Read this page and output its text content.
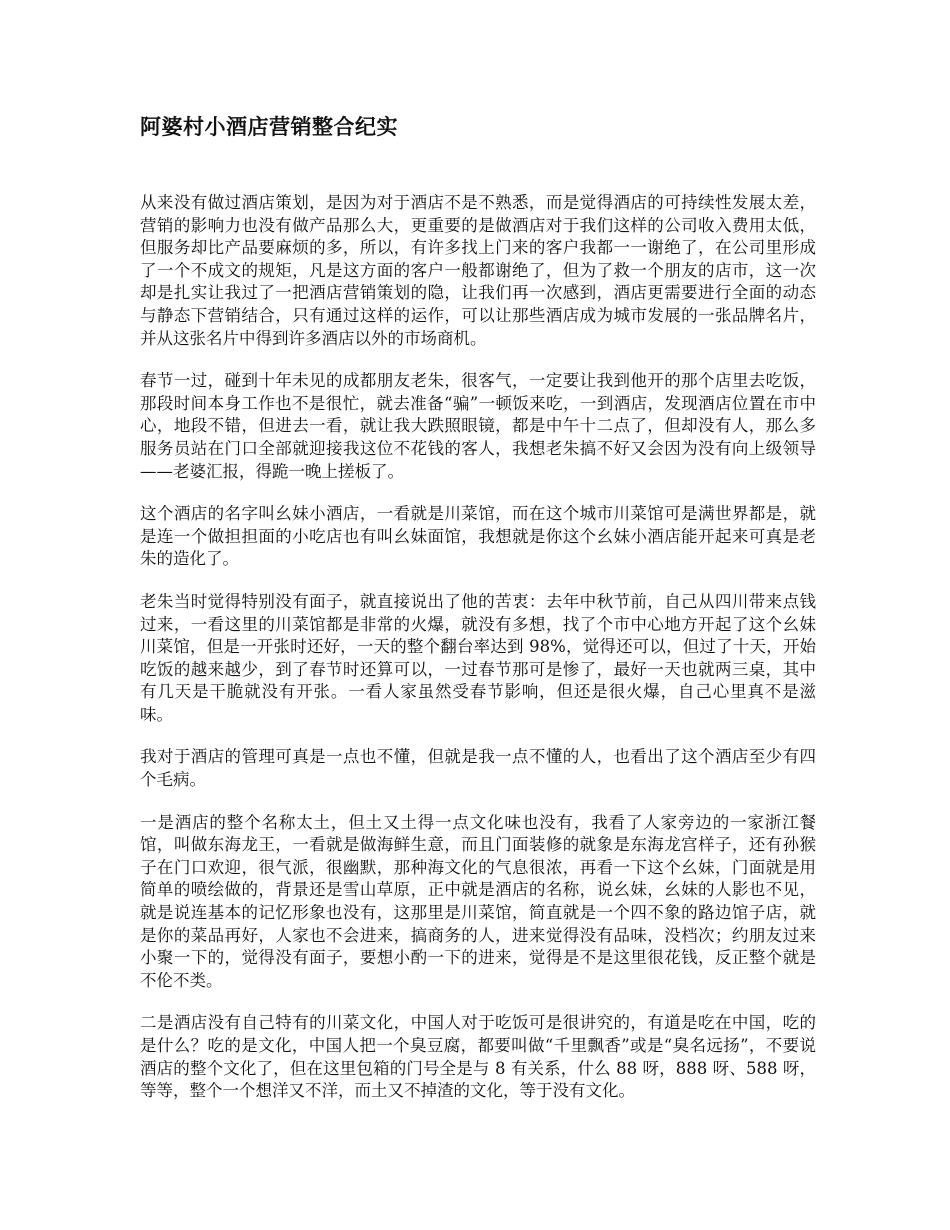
阿婆村小酒店营销整合纪实

从来没有做过酒店策划，是因为对于酒店不是不熟悉，而是觉得酒店的可持续性发展太差，营销的影响力也没有做产品那么大，更重要的是做酒店对于我们这样的公司收入费用太低，但服务却比产品要麻烦的多，所以，有许多找上门来的客户我都一一谢绝了，在公司里形成了一个不成文的规矩，凡是这方面的客户一般都谢绝了，但为了救一个朋友的店市，这一次却是扎实让我过了一把酒店营销策划的隐，让我们再一次感到，酒店更需要进行全面的动态与静态下营销结合，只有通过这样的运作，可以让那些酒店成为城市发展的一张品牌名片，并从这张名片中得到许多酒店以外的市场商机。

春节一过，碰到十年未见的成都朋友老朱，很客气，一定要让我到他开的那个店里去吃饭，那段时间本身工作也不是很忙，就去准备“骗”一顿饭来吃，一到酒店，发现酒店位置在市中心，地段不错，但进去一看，就让我大跌照眼镜，都是中午十二点了，但却没有人，那么多服务员站在门口全部就迎接我这位不花钱的客人，我想老朱搞不好又会因为没有向上级领导——老婆汇报，得跪一晚上搓板了。

这个酒店的名字叫幺妹小酒店，一看就是川菜馆，而在这个城市川菜馆可是满世界都是，就是连一个做担担面的小吃店也有叫幺妹面馆，我想就是你这个幺妹小酒店能开起来可真是老朱的造化了。

老朱当时觉得特别没有面子，就直接说出了他的苦衷：去年中秋节前，自己从四川带来点钱过来，一看这里的川菜馆都是非常的火爆，就没有多想，找了个市中心地方开起了这个幺妹川菜馆，但是一开张时还好，一天的整个翻台率达到 98%，觉得还可以，但过了十天，开始吃饭的越来越少，到了春节时还算可以，一过春节那可是惨了，最好一天也就两三桌，其中有几天是干脆就没有开张。一看人家虽然受春节影响，但还是很火爆，自己心里真不是滋味。

我对于酒店的管理可真是一点也不懂，但就是我一点不懂的人，也看出了这个酒店至少有四个毛病。

一是酒店的整个名称太土，但土又土得一点文化味也没有，我看了人家旁边的一家浙江餐馆，叫做东海龙王，一看就是做海鲜生意，而且门面装修的就象是东海龙宫样子，还有孙猴子在门口欢迎，很气派，很幽默，那种海文化的气息很浓，再看一下这个幺妹，门面就是用简单的喷绘做的，背景还是雪山草原，正中就是酒店的名称，说幺妹，幺妹的人影也不见，就是说连基本的记忆形象也没有，这那里是川菜馆，简直就是一个四不象的路边馆子店，就是你的菜品再好，人家也不会进来，搞商务的人，进来觉得没有品味，没档次；约朋友过来小聚一下的，觉得没有面子，要想小酌一下的进来，觉得是不是这里很花钱，反正整个就是不伦不类。

二是酒店没有自己特有的川菜文化，中国人对于吃饭可是很讲究的，有道是吃在中国，吃的是什么？吃的是文化，中国人把一个臭豆腐，都要叫做“千里飘香”或是“臭名远扬”，不要说酒店的整个文化了，但在这里包箱的门号全是与 8 有关系，什么 88 呀，888 呀、588 呀，等等，整个一个想洋又不洋，而土又不掉渣的文化，等于没有文化。
